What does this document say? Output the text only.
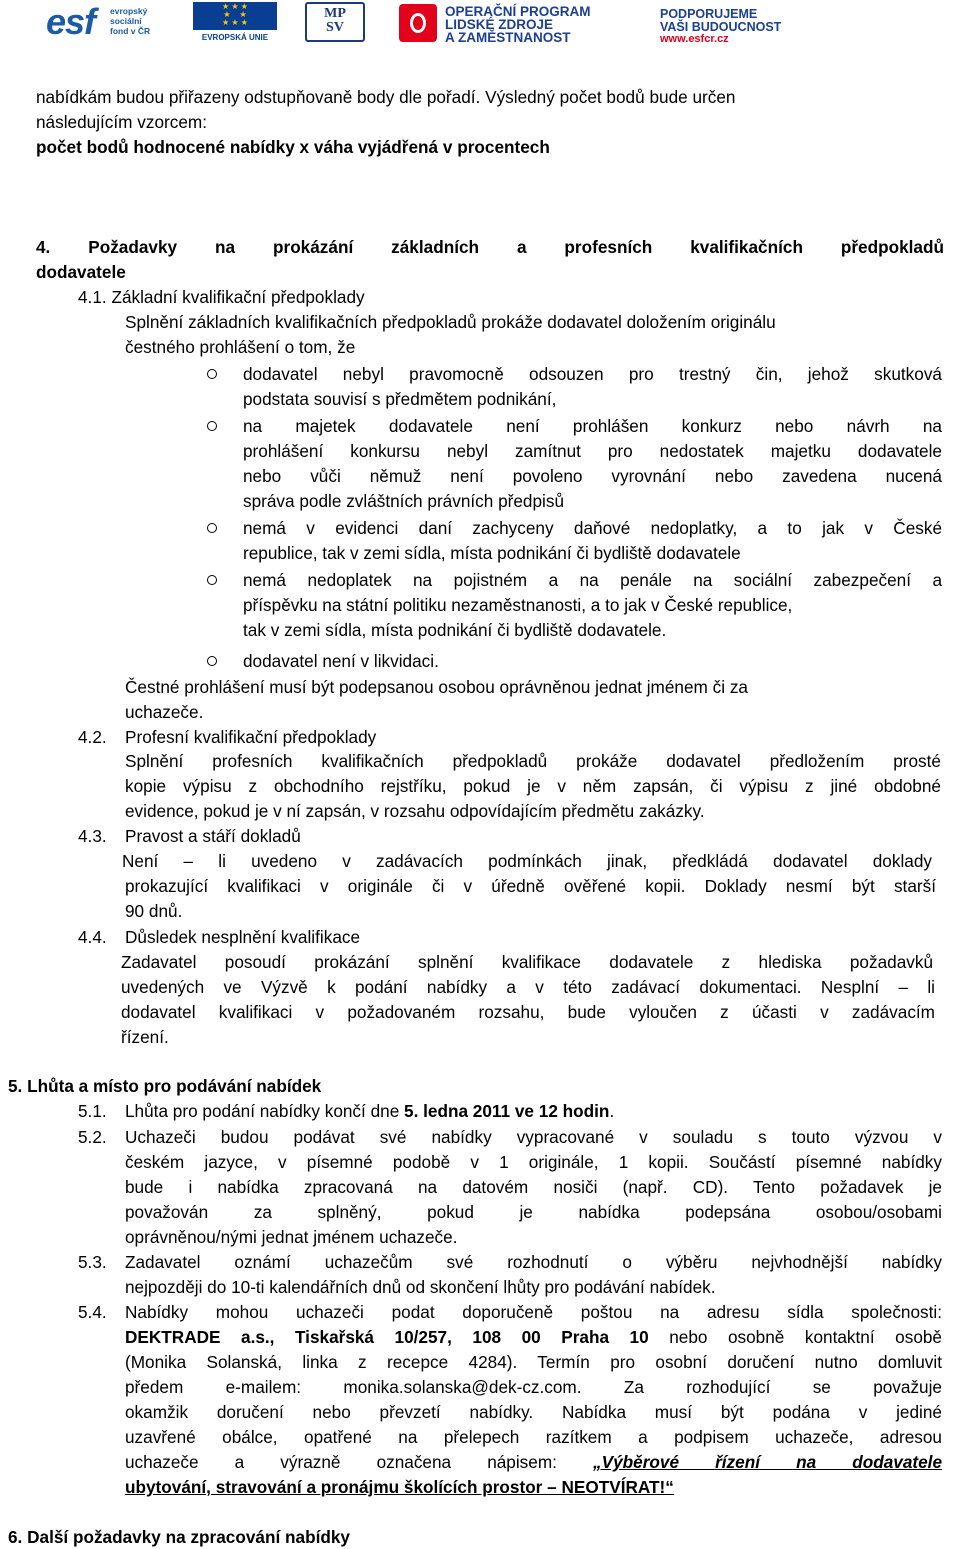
esf evropský
sociální
fond v ČR
★ ★ ★
★    ★
★ ★ ★
EVROPSKÁ UNIE
MP
SV
OPERAČNÍ PROGRAM
LIDSKÉ ZDROJE
A ZAMĚSTNANOST
PODPORUJEME
VAŠI BUDOUCNOST
www.esfcr.cz
nabídkám budou přiřazeny odstupňovaně body dle pořadí. Výsledný počet bodů bude určen
následujícím vzorcem:
počet bodů hodnocené nabídky x váha vyjádřená v procentech
4. Požadavky na prokázání základních a profesních kvalifikačních předpokladů
dodavatele
4.1. Základní kvalifikační předpoklady
Splnění základních kvalifikačních předpokladů prokáže dodavatel doložením originálu
čestného prohlášení o tom, že
dodavatel nebyl pravomocně odsouzen pro trestný čin, jehož skutková
podstata souvisí s předmětem podnikání,
na majetek dodavatele není prohlášen konkurz nebo návrh na
prohlášení konkursu nebyl zamítnut pro nedostatek majetku dodavatele
nebo vůči němuž není povoleno vyrovnání nebo zavedena nucená
správa podle zvláštních právních předpisů
nemá v evidenci daní zachyceny daňové nedoplatky, a to jak v České
republice, tak v zemi sídla, místa podnikání či bydliště dodavatele
nemá nedoplatek na pojistném a na penále na sociální zabezpečení a
příspěvku na státní politiku nezaměstnanosti, a to jak v České republice,
tak v zemi sídla, místa podnikání či bydliště dodavatele.
dodavatel není v likvidaci.
Čestné prohlášení musí být podepsanou osobou oprávněnou jednat jménem či za
uchazeče.
4.2. Profesní kvalifikační předpoklady
Splnění profesních kvalifikačních předpokladů prokáže dodavatel předložením prosté
kopie výpisu z obchodního rejstříku, pokud je v něm zapsán, či výpisu z jiné obdobné
evidence, pokud je v ní zapsán, v rozsahu odpovídajícím předmětu zakázky.
4.3. Pravost a stáří dokladů
Není – li uvedeno v zadávacích podmínkách jinak, předkládá dodavatel doklady
prokazující kvalifikaci v originále či v úředně ověřené kopii. Doklady nesmí být starší
90 dnů.
4.4. Důsledek nesplnění kvalifikace
Zadavatel posoudí prokázání splnění kvalifikace dodavatele z hlediska požadavků
uvedených ve Výzvě k podání nabídky a v této zadávací dokumentaci. Nesplní – li
dodavatel kvalifikaci v požadovaném rozsahu, bude vyloučen z účasti v zadávacím
řízení.
5. Lhůta a místo pro podávání nabídek
5.1. Lhůta pro podání nabídky končí dne 5. ledna 2011 ve 12 hodin.
5.2. Uchazeči budou podávat své nabídky vypracované v souladu s touto výzvou v
českém jazyce, v písemné podobě v 1 originále, 1 kopii. Součástí písemné nabídky
bude i nabídka zpracovaná na datovém nosiči (např. CD). Tento požadavek je
považován za splněný, pokud je nabídka podepsána osobou/osobami
oprávněnou/nými jednat jménem uchazeče.
5.3. Zadavatel oznámí uchazečům své rozhodnutí o výběru nejvhodnější nabídky
nejpozději do 10-ti kalendářních dnů od skončení lhůty pro podávání nabídek.
5.4. Nabídky mohou uchazeči podat doporučeně poštou na adresu sídla společnosti:
DEKTRADE a.s., Tiskařská 10/257, 108 00 Praha 10 nebo osobně kontaktní osobě
(Monika Solanská, linka z recepce 4284). Termín pro osobní doručení nutno domluvit
předem e-mailem: monika.solanska@dek-cz.com. Za rozhodující se považuje
okamžik doručení nebo převzetí nabídky. Nabídka musí být podána v jediné
uzavřené obálce, opatřené na přelepech razítkem a podpisem uchazeče, adresou
uchazeče a výrazně označena nápisem: „Výběrové řízení na dodavatele
ubytování, stravování a pronájmu školících prostor – NEOTVÍRAT!“
6. Další požadavky na zpracování nabídky
